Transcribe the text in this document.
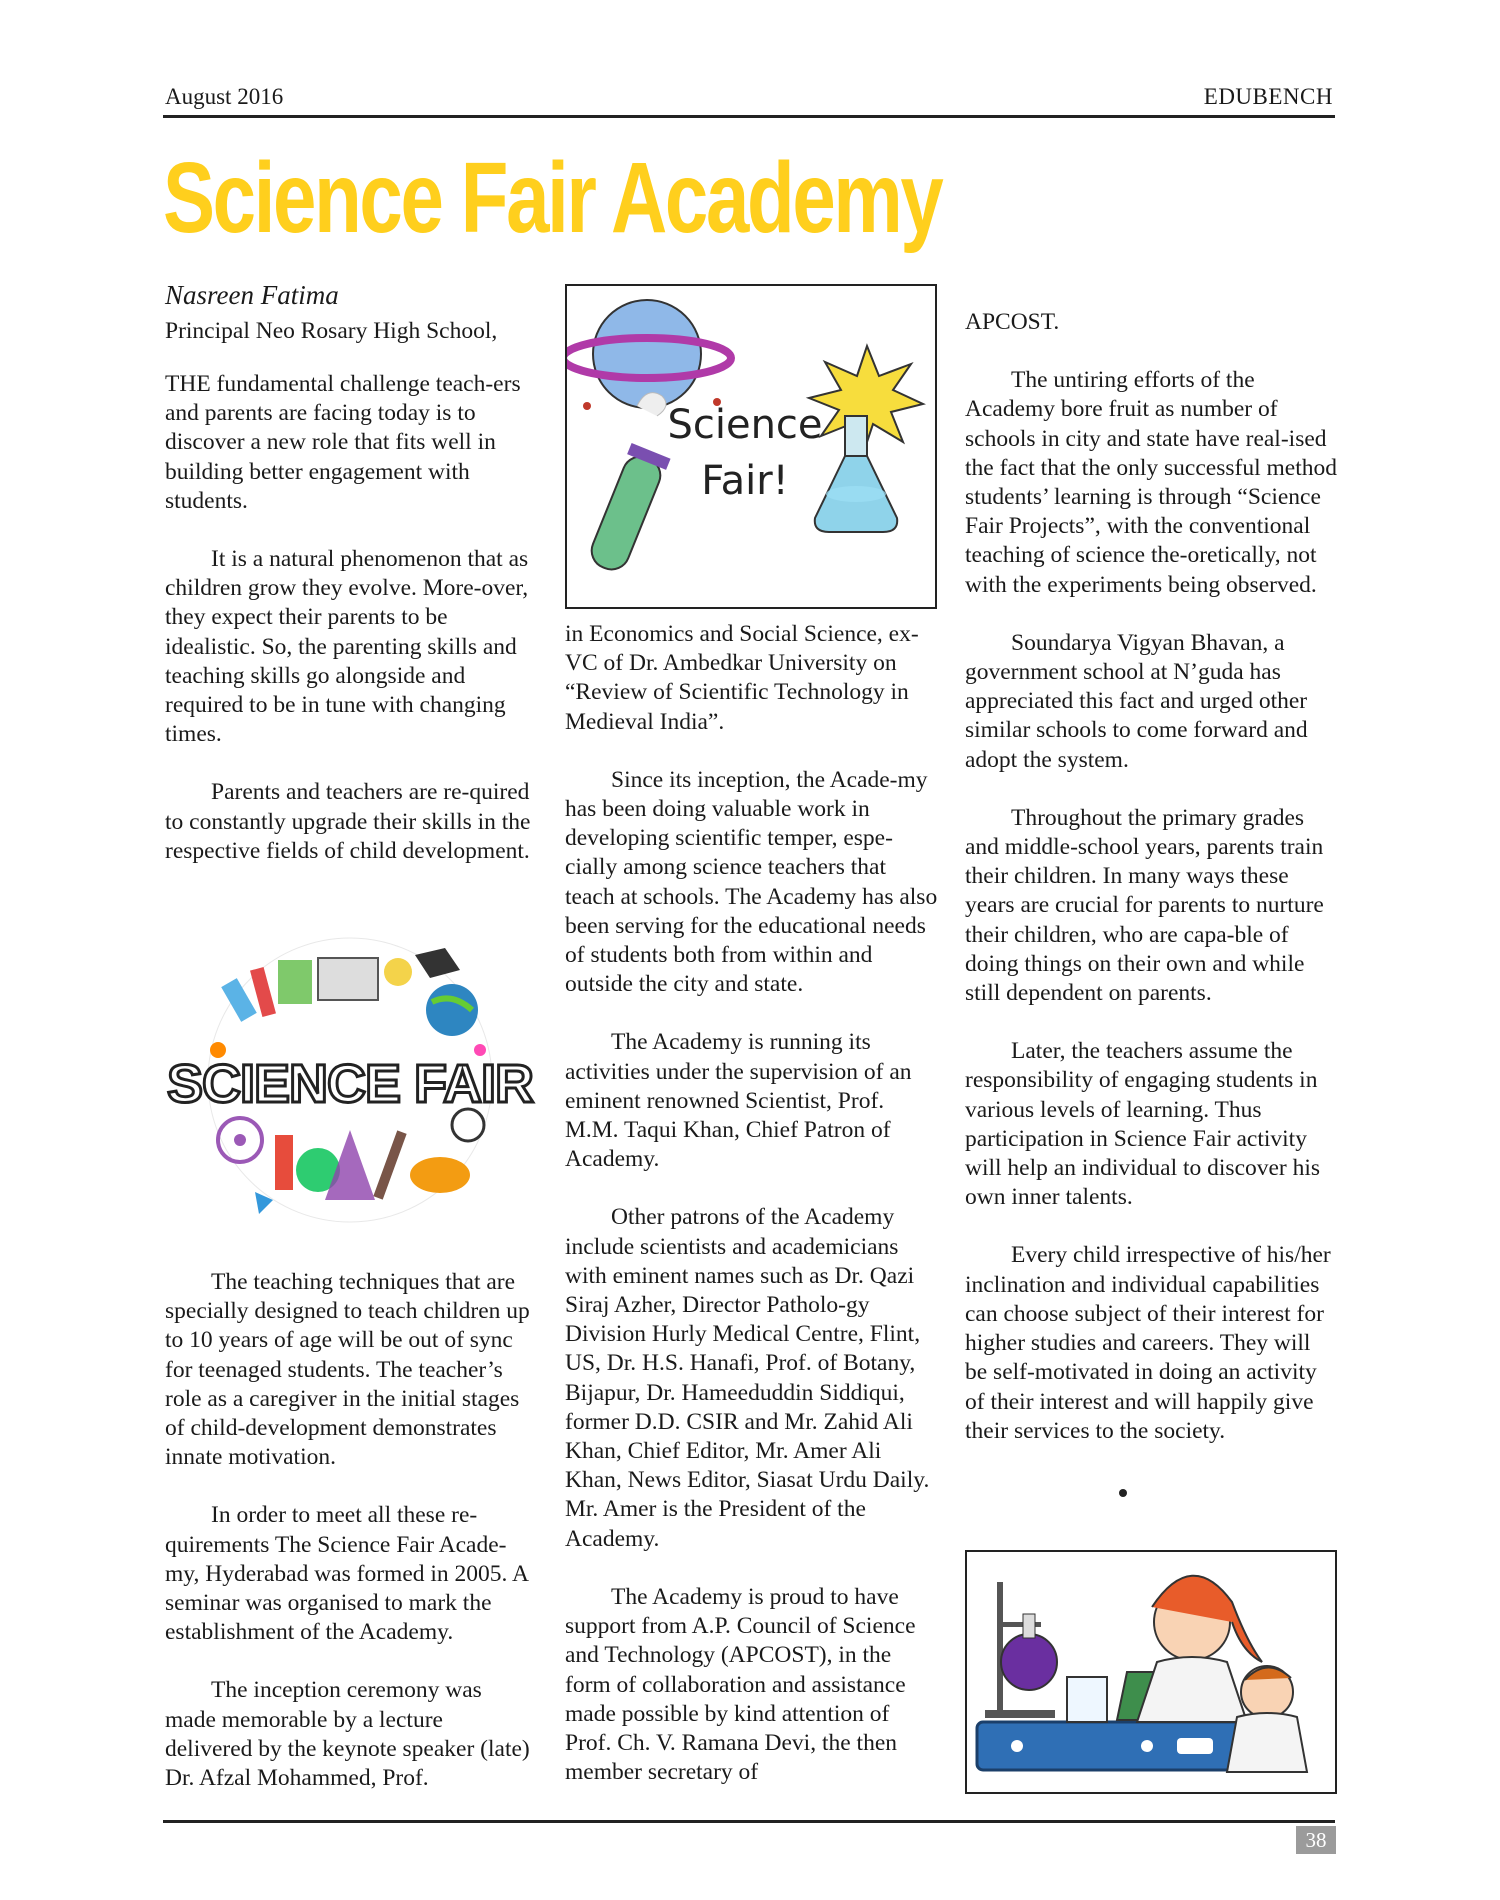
August 2016	EDUBENCH
Science Fair Academy
Nasreen Fatima
Principal Neo Rosary High School,

THE fundamental challenge teach-ers and parents are facing today is to discover a new role that fits well in building better engagement with students.

It is a natural phenomenon that as children grow they evolve. More-over, they expect their parents to be idealistic. So, the parenting skills and teaching skills go alongside and required to be in tune with changing times.

Parents and teachers are re-quired to constantly upgrade their skills in the respective fields of child development.

SCIENCE FAIR

The teaching techniques that are specially designed to teach children up to 10 years of age will be out of sync for teenaged students. The teacher’s role as a caregiver in the initial stages of child-development demonstrates innate motivation.

In order to meet all these re-quirements The Science Fair Acade-my, Hyderabad was formed in 2005. A seminar was organised to mark the establishment of the Academy.

The inception ceremony was made memorable by a lecture delivered by the keynote speaker (late) Dr. Afzal Mohammed, Prof.

Science
Fair!

in Economics and Social Science, ex-VC of Dr. Ambedkar University on “Review of Scientific Technology in Medieval India”.

Since its inception, the Acade-my has been doing valuable work in developing scientific temper, espe-cially among science teachers that teach at schools. The Academy has also been serving for the educational needs of students both from within and outside the city and state.

The Academy is running its activities under the supervision of an eminent renowned Scientist, Prof. M.M. Taqui Khan, Chief Patron of Academy.

Other patrons of the Academy include scientists and academicians with eminent names such as Dr. Qazi Siraj Azher, Director Patholo-gy Division Hurly Medical Centre, Flint, US, Dr. H.S. Hanafi, Prof. of Botany, Bijapur, Dr. Hameeduddin Siddiqui, former D.D. CSIR and Mr. Zahid Ali Khan, Chief Editor, Mr. Amer Ali Khan, News Editor, Siasat Urdu Daily. Mr. Amer is the President of the Academy.

The Academy is proud to have support from A.P. Council of Science and Technology (APCOST), in the form of collaboration and assistance made possible by kind attention of Prof. Ch. V. Ramana Devi, the then member secretary of

APCOST.

The untiring efforts of the Academy bore fruit as number of schools in city and state have real-ised the fact that the only successful method students’ learning is through “Science Fair Projects”, with the conventional teaching of science the-oretically, not with the experiments being observed.

Soundarya Vigyan Bhavan, a government school at N’guda has appreciated this fact and urged other similar schools to come forward and adopt the system.

Throughout the primary grades and middle-school years, parents train their children. In many ways these years are crucial for parents to nurture their children, who are capa-ble of doing things on their own and while still dependent on parents.

Later, the teachers assume the responsibility of engaging students in various levels of learning. Thus participation in Science Fair activity will help an individual to discover his own inner talents.

Every child irrespective of his/her inclination and individual capabilities can choose subject of their interest for higher studies and careers. They will be self-motivated in doing an activity of their interest and will happily give their services to the society.

38
